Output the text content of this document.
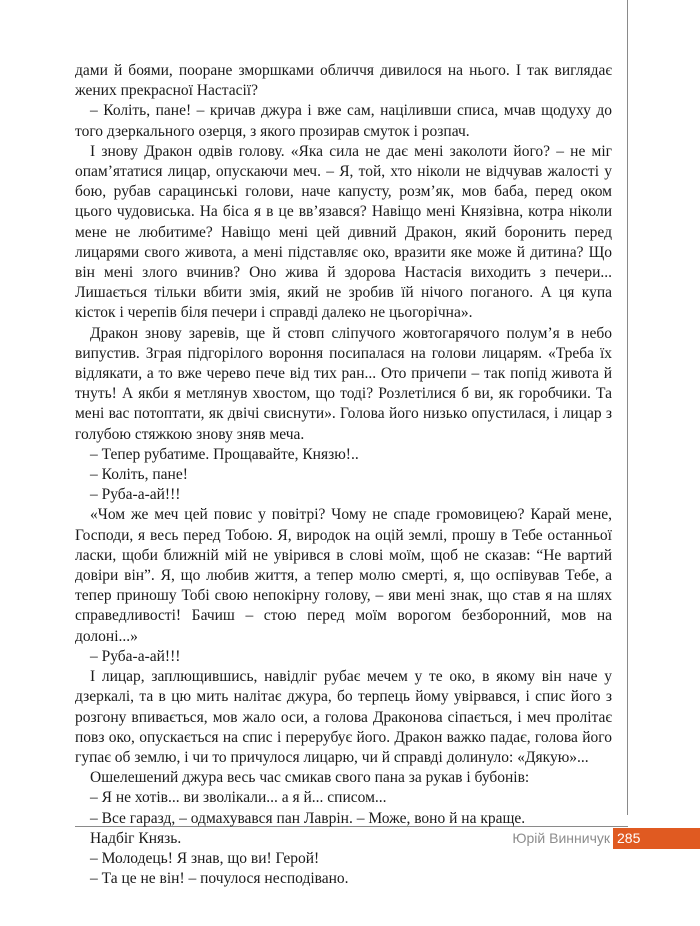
дами й боями, пооране зморшками обличчя дивилося на нього. І так виглядає жених прекрасної Настасії?

– Коліть, пане! – кричав джура і вже сам, націливши списа, мчав щодуху до того дзеркального озерця, з якого прозирав смуток і розпач.

І знову Дракон одвів голову. «Яка сила не дає мені заколоти його? – не міг опам’ятатися лицар, опускаючи меч. – Я, той, хто ніколи не відчував жалості у бою, рубав сарацинські голови, наче капусту, розм’як, мов баба, перед оком цього чудовиська. На біса я в це вв’язався? Навіщо мені Князівна, котра ніколи мене не любитиме? Навіщо мені цей дивний Дракон, який боронить перед лицарями свого живота, а мені підставляє око, вразити яке може й дитина? Що він мені злого вчинив? Оно жива й здорова Настасія виходить з печери... Лишається тільки вбити змія, який не зробив їй нічого поганого. А ця купа кісток і черепів біля печери і справді далеко не цьогорічна».

Дракон знову заревів, ще й стовп сліпучого жовтогарячого полум’я в небо випустив. Зграя підгорілого вороння посипалася на голови лицарям. «Треба їх відлякати, а то вже черево пече від тих ран... Ото причепи – так попід живота й тнуть! А якби я метлянув хвостом, що тоді? Розлетілися б ви, як горобчики. Та мені вас потоптати, як двічі свиснути». Голова його низько опустилася, і лицар з голубою стяжкою знову зняв меча.

– Тепер рубатиме. Прощавайте, Князю!..

– Коліть, пане!

– Руба-а-ай!!!

«Чом же меч цей повис у повітрі? Чому не спаде громовицею? Карай мене, Господи, я весь перед Тобою. Я, виродок на оцій землі, прошу в Тебе останньої ласки, щоби ближній мій не увірився в слові моїм, щоб не сказав: “Не вартий довіри він”. Я, що любив життя, а тепер молю смерті, я, що оспівував Тебе, а тепер приношу Тобі свою непокірну голову, – яви мені знак, що став я на шлях справедливості! Бачиш – стою перед моїм ворогом безборонний, мов на долоні...»

– Руба-а-ай!!!

І лицар, заплющившись, навідліг рубає мечем у те око, в якому він наче у дзеркалі, та в цю мить налітає джура, бо терпець йому увірвався, і спис його з розгону впивається, мов жало оси, а голова Драконова сіпається, і меч пролітає повз око, опускається на спис і перерубує його. Дракон важко падає, голова його гупає об землю, і чи то причулося лицарю, чи й справді долинуло: «Дякую»...

Ошелешений джура весь час смикав свого пана за рукав і бубонів:

– Я не хотів... ви зволікали... а я й... списом...

– Все гаразд, – одмахувався пан Лаврін. – Може, воно й на краще.

Надбіг Князь.

– Молодець! Я знав, що ви! Герой!

– Та це не він! – почулося несподівано.

Юрій Винничук 285
